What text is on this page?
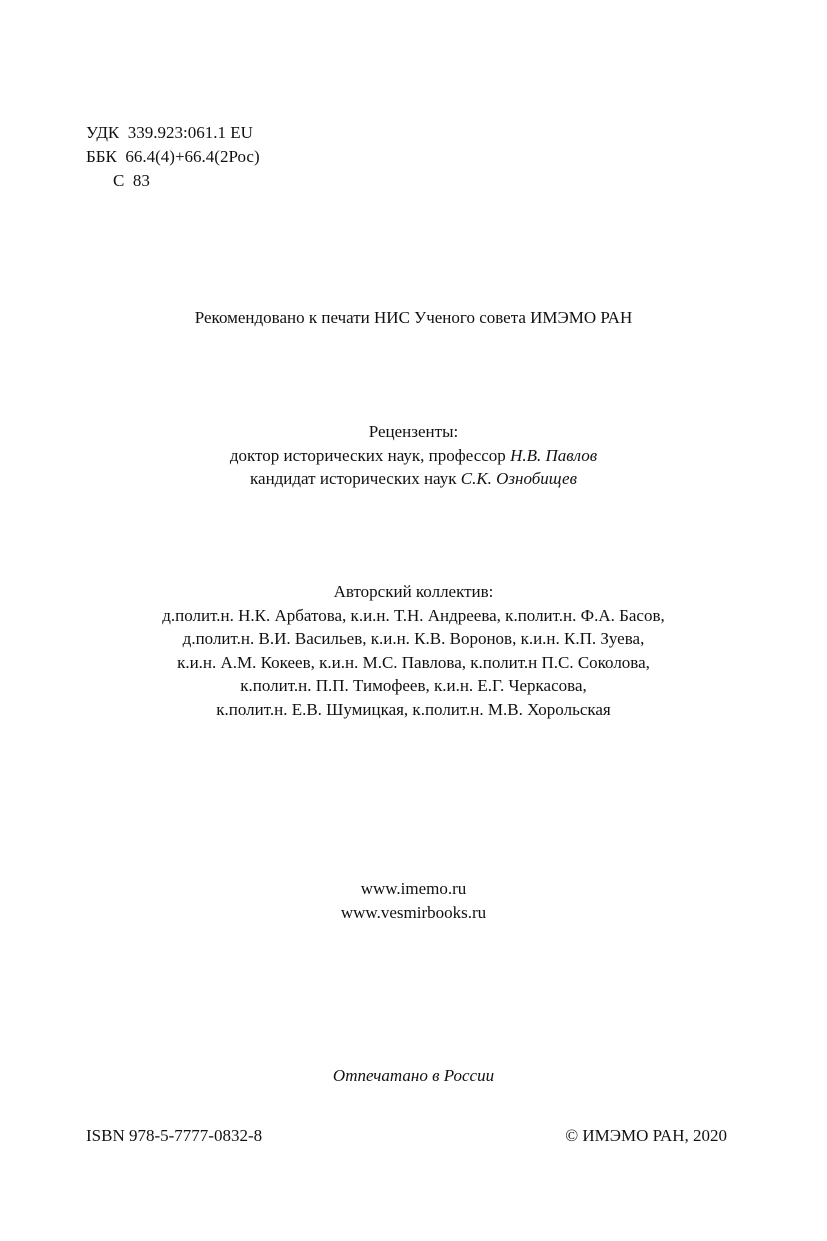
УДК 339.923:061.1 EU
ББК 66.4(4)+66.4(2Рос)
С 83
Рекомендовано к печати НИС Ученого совета ИМЭМО РАН
Рецензенты:
доктор исторических наук, профессор Н.В. Павлов
кандидат исторических наук С.К. Ознобищев
Авторский коллектив:
д.полит.н. Н.К. Арбатова, к.и.н. Т.Н. Андреева, к.полит.н. Ф.А. Басов,
д.полит.н. В.И. Васильев, к.и.н. К.В. Воронов, к.и.н. К.П. Зуева,
к.и.н. А.М. Кокеев, к.и.н. М.С. Павлова, к.полит.н П.С. Соколова,
к.полит.н. П.П. Тимофеев, к.и.н. Е.Г. Черкасова,
к.полит.н. Е.В. Шумицкая, к.полит.н. М.В. Хорольская
www.imemo.ru
www.vesmirbooks.ru
Отпечатано в России
ISBN 978-5-7777-0832-8	© ИМЭМО РАН, 2020
